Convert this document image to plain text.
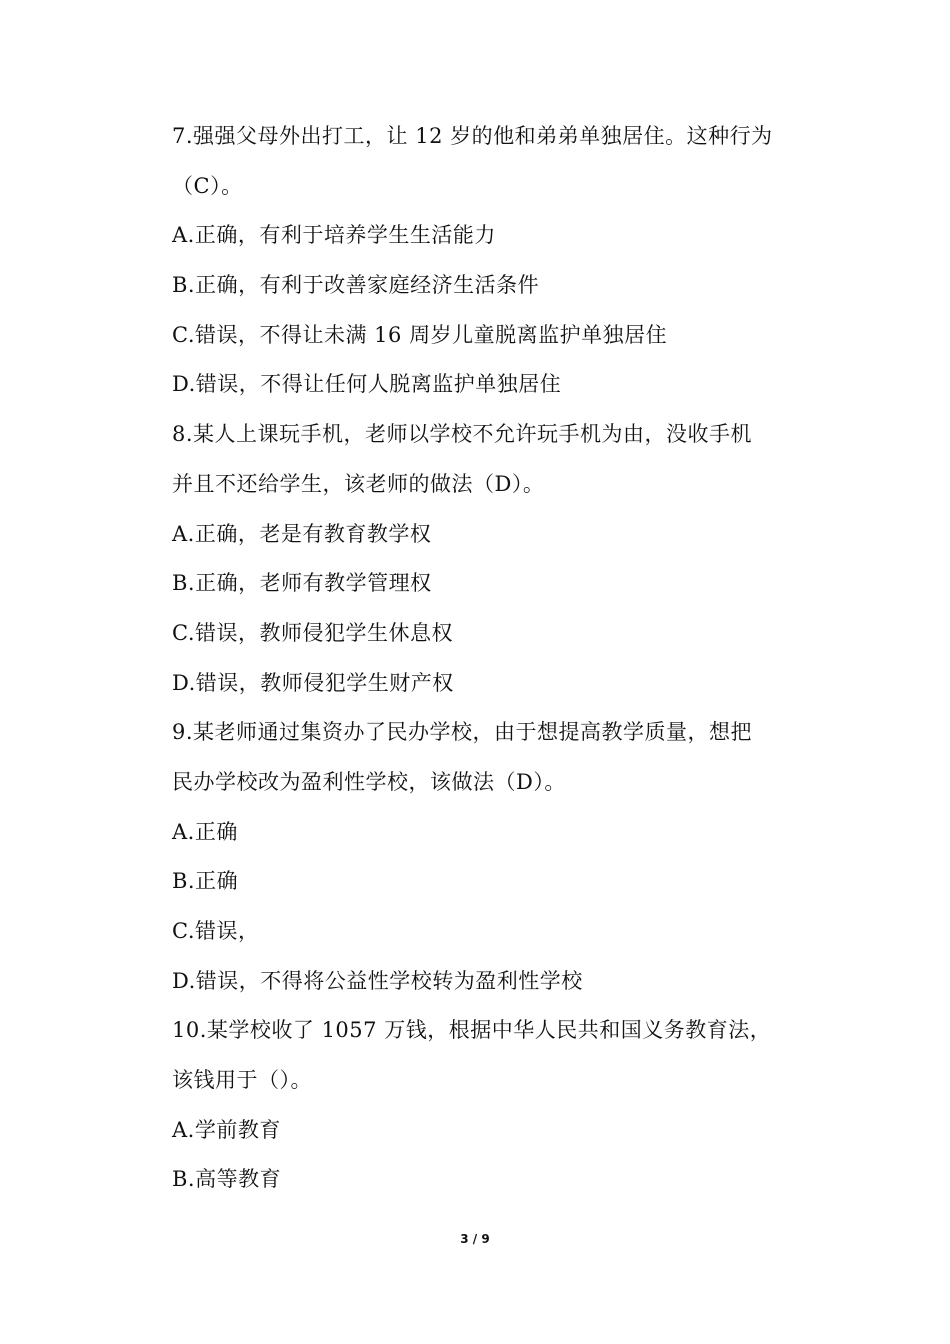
7.强强父母外出打工，让 12 岁的他和弟弟单独居住。这种行为
（C）。
A.正确，有利于培养学生生活能力
B.正确，有利于改善家庭经济生活条件
C.错误，不得让未满 16 周岁儿童脱离监护单独居住
D.错误，不得让任何人脱离监护单独居住
8.某人上课玩手机，老师以学校不允许玩手机为由，没收手机
并且不还给学生，该老师的做法（D）。
A.正确，老是有教育教学权
B.正确，老师有教学管理权
C.错误，教师侵犯学生休息权
D.错误，教师侵犯学生财产权
9.某老师通过集资办了民办学校，由于想提高教学质量，想把
民办学校改为盈利性学校，该做法（D）。
A.正确
B.正确
C.错误，
D.错误，不得将公益性学校转为盈利性学校
10.某学校收了 1057 万钱，根据中华人民共和国义务教育法，
该钱用于（）。
A.学前教育
B.高等教育
3 / 9
